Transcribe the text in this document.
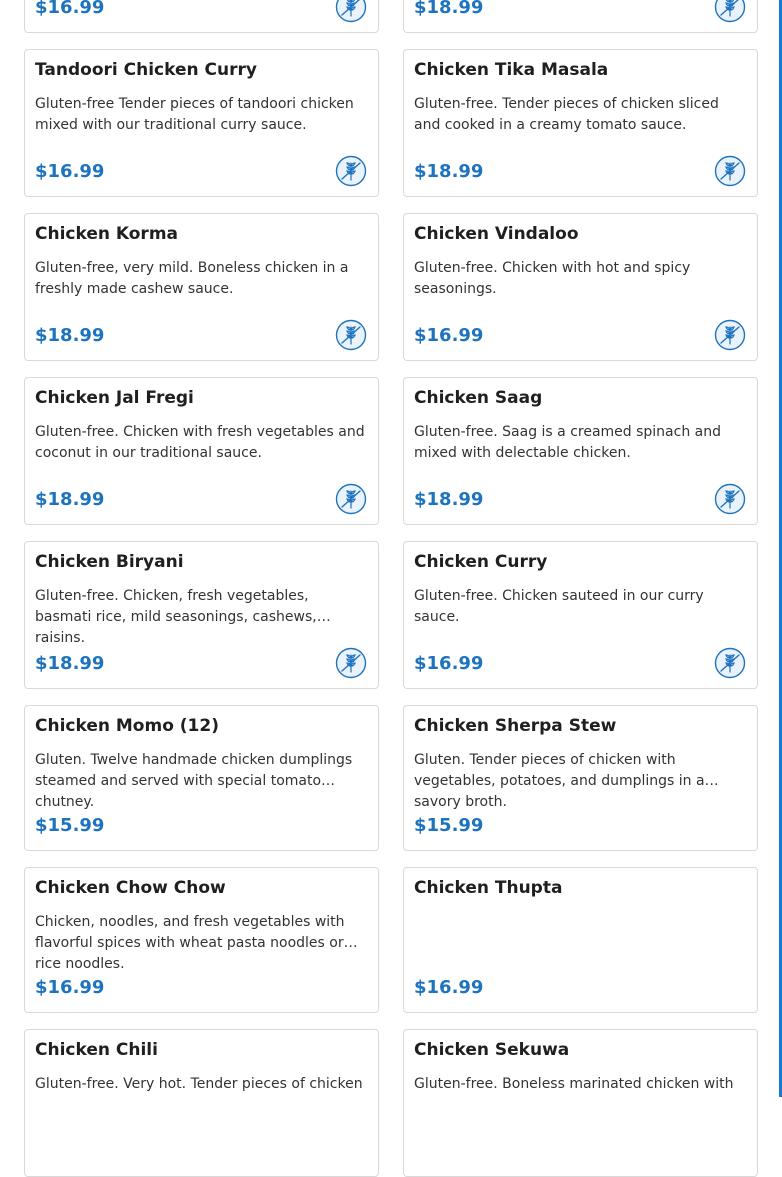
$16.99	$18.99
Tandoori Chicken Curry
Gluten-free Tender pieces of tandoori chicken mixed with our traditional curry sauce.
$16.99
Chicken Tika Masala
Gluten-free. Tender pieces of chicken sliced and cooked in a creamy tomato sauce.
$18.99
Chicken Korma
Gluten-free, very mild. Boneless chicken in a freshly made cashew sauce.
$18.99
Chicken Vindaloo
Gluten-free. Chicken with hot and spicy seasonings.
$16.99
Chicken Jal Fregi
Gluten-free. Chicken with fresh vegetables and coconut in our traditional sauce.
$18.99
Chicken Saag
Gluten-free. Saag is a creamed spinach and mixed with delectable chicken.
$18.99
Chicken Biryani
Gluten-free. Chicken, fresh vegetables, basmati rice, mild seasonings, cashews, raisins.
$18.99
Chicken Curry
Gluten-free. Chicken sauteed in our curry sauce.
$16.99
Chicken Momo (12)
Gluten. Twelve handmade chicken dumplings steamed and served with special tomato chutney.
$15.99
Chicken Sherpa Stew
Gluten. Tender pieces of chicken with vegetables, potatoes, and dumplings in a savory broth.
$15.99
Chicken Chow Chow
Chicken, noodles, and fresh vegetables with flavorful spices with wheat pasta noodles or rice noodles.
$16.99
Chicken Thupta
$16.99
Chicken Chili
Gluten-free. Very hot. Tender pieces of chicken
Chicken Sekuwa
Gluten-free. Boneless marinated chicken with
